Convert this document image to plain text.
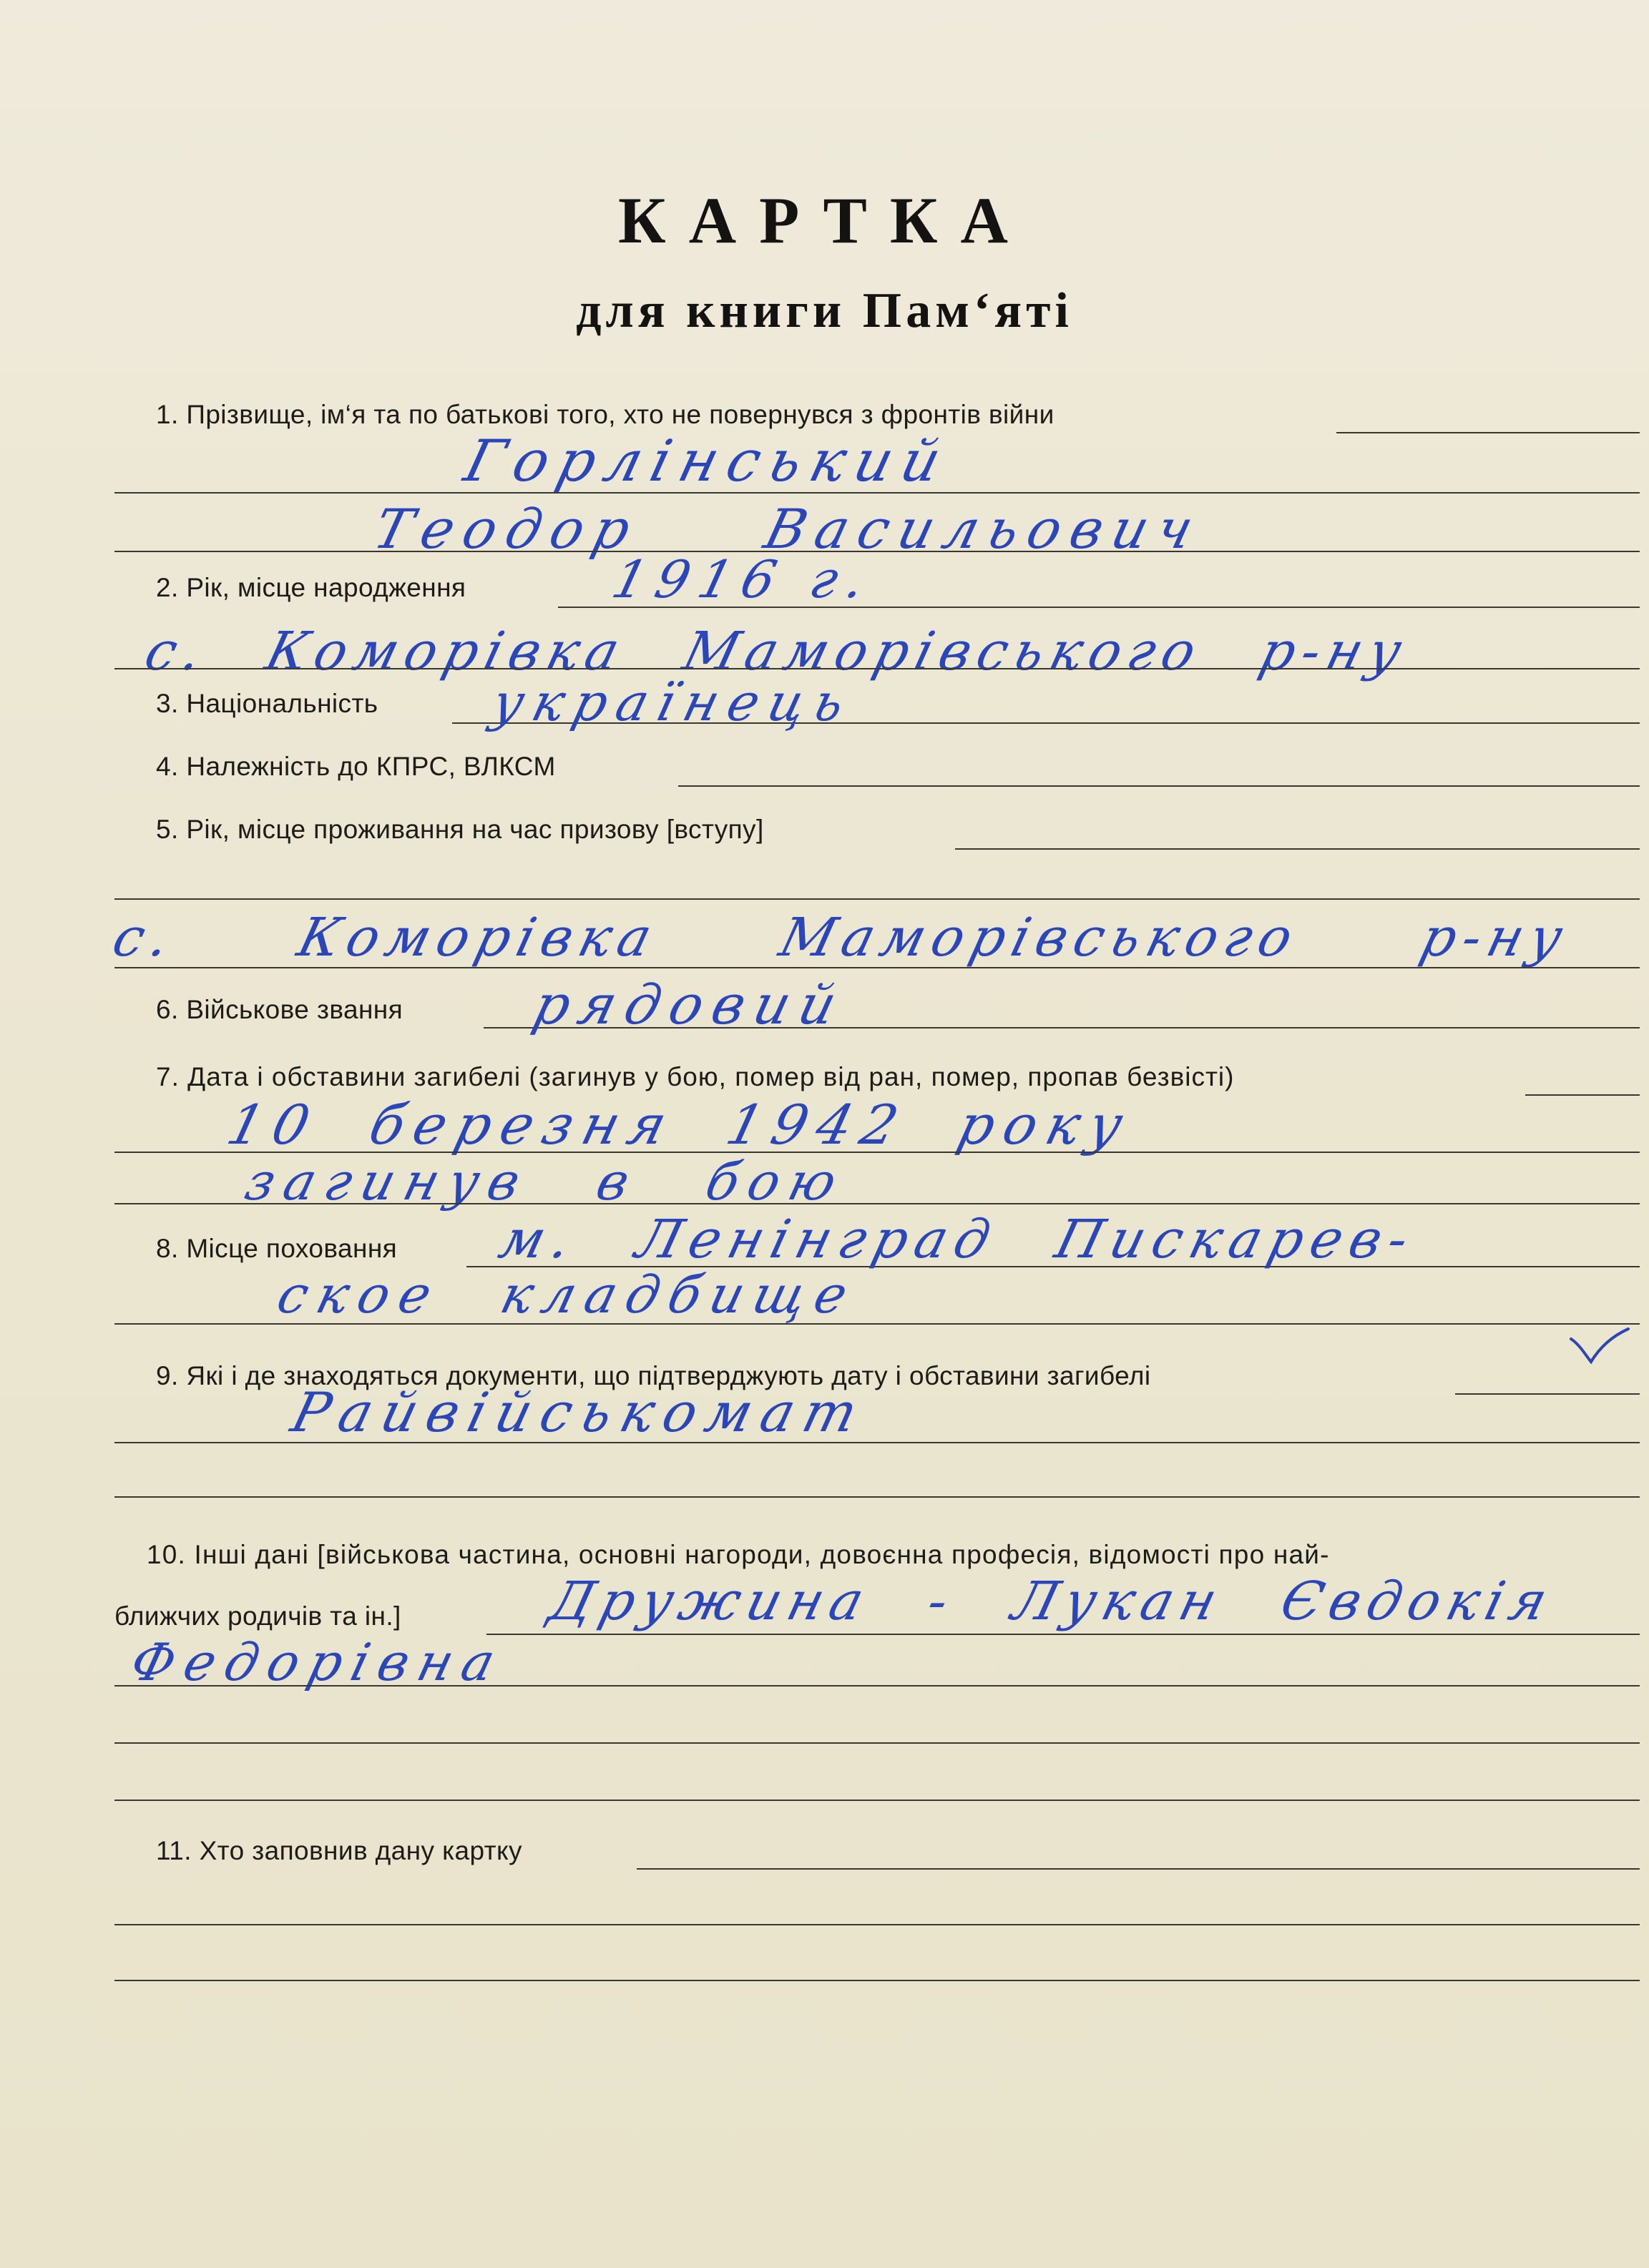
КАРТКА
для книги Пам‘яті
1. Прізвище, ім‘я та по батькові того, хто не повернувся з фронтів війни
Горлінський
Теодор Васильович
2. Рік, місце народження	1916 г.
с. Коморівка Маморівського р-ну
3. Національність українець
4. Належність до КПРС, ВЛКСМ
5. Рік, місце проживання на час призову [вступу]
с. Коморівка Маморівського р-ну
6. Військове звання рядовий
7. Дата і обставини загибелі (загинув у бою, помер від ран, помер, пропав безвісті)
10 березня 1942 року
загинув в бою
8. Місце поховання м. Ленінград Пискарев-
ское кладбище
9. Які і де знаходяться документи, що підтверджують дату і обставини загибелі
Райвійськомат
10. Інші дані [військова частина, основні нагороди, довоєнна професія, відомості про най-
ближчих родичів та ін.]	Дружина - Лукан Євдокія
Федорівна
11. Хто заповнив дану картку
